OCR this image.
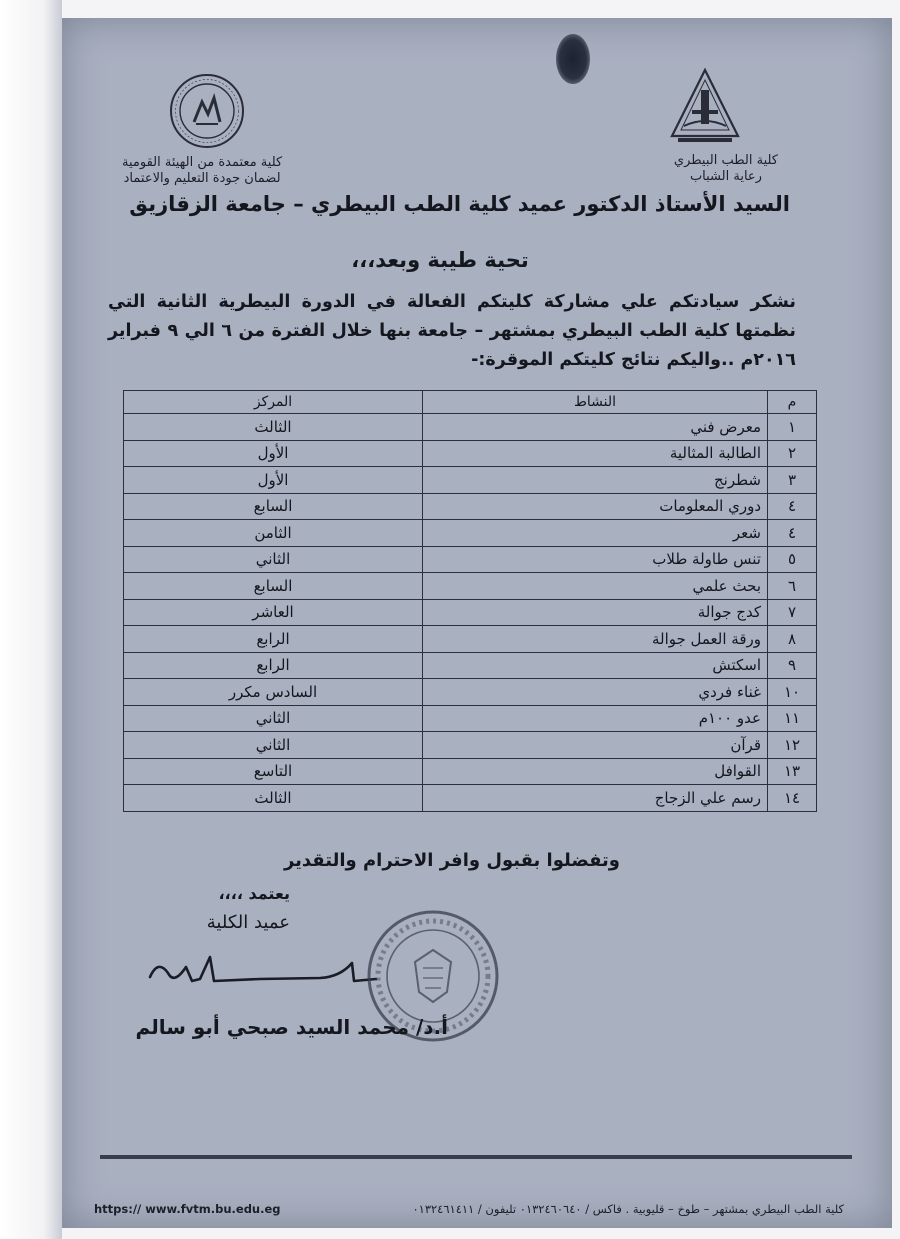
كلية الطب البيطري
رعاية الشباب
كلية معتمدة من الهيئة القومية
لضمان جودة التعليم والاعتماد
السيد الأستاذ الدكتور عميد كلية الطب البيطري – جامعة الزقازيق
تحية طيبة وبعد،،،
نشكر سيادتكم علي مشاركة كليتكم الفعالة في الدورة البيطرية الثانية التي نظمتها كلية الطب البيطري بمشتهر – جامعة بنها خلال الفترة من ٦ الي ٩ فبراير ٢٠١٦م ..واليكم نتائج كليتكم الموقرة:-
م	النشاط	المركز
١	معرض فني	الثالث
٢	الطالبة المثالية	الأول
٣	شطرنج	الأول
٤	دوري المعلومات	السابع
٤	شعر	الثامن
٥	تنس طاولة طلاب	الثاني
٦	بحث علمي	السابع
٧	كدج جوالة	العاشر
٨	ورقة العمل جوالة	الرابع
٩	اسكتش	الرابع
١٠	غناء فردي	السادس مكرر
١١	عدو ١٠٠م	الثاني
١٢	قرآن	الثاني
١٣	القوافل	التاسع
١٤	رسم علي الزجاج	الثالث
وتفضلوا بقبول وافر الاحترام والتقدير
يعتمد ،،،،
عميد الكلية
أ.د/ محمد السيد صبحي أبو سالم
https:// www.fvtm.bu.edu.eg	كلية الطب البيطري بمشتهر – طوخ – قليوبية . فاكس / ٠١٣٢٤٦٠٦٤٠ تليفون / ٠١٣٢٤٦١٤١١
